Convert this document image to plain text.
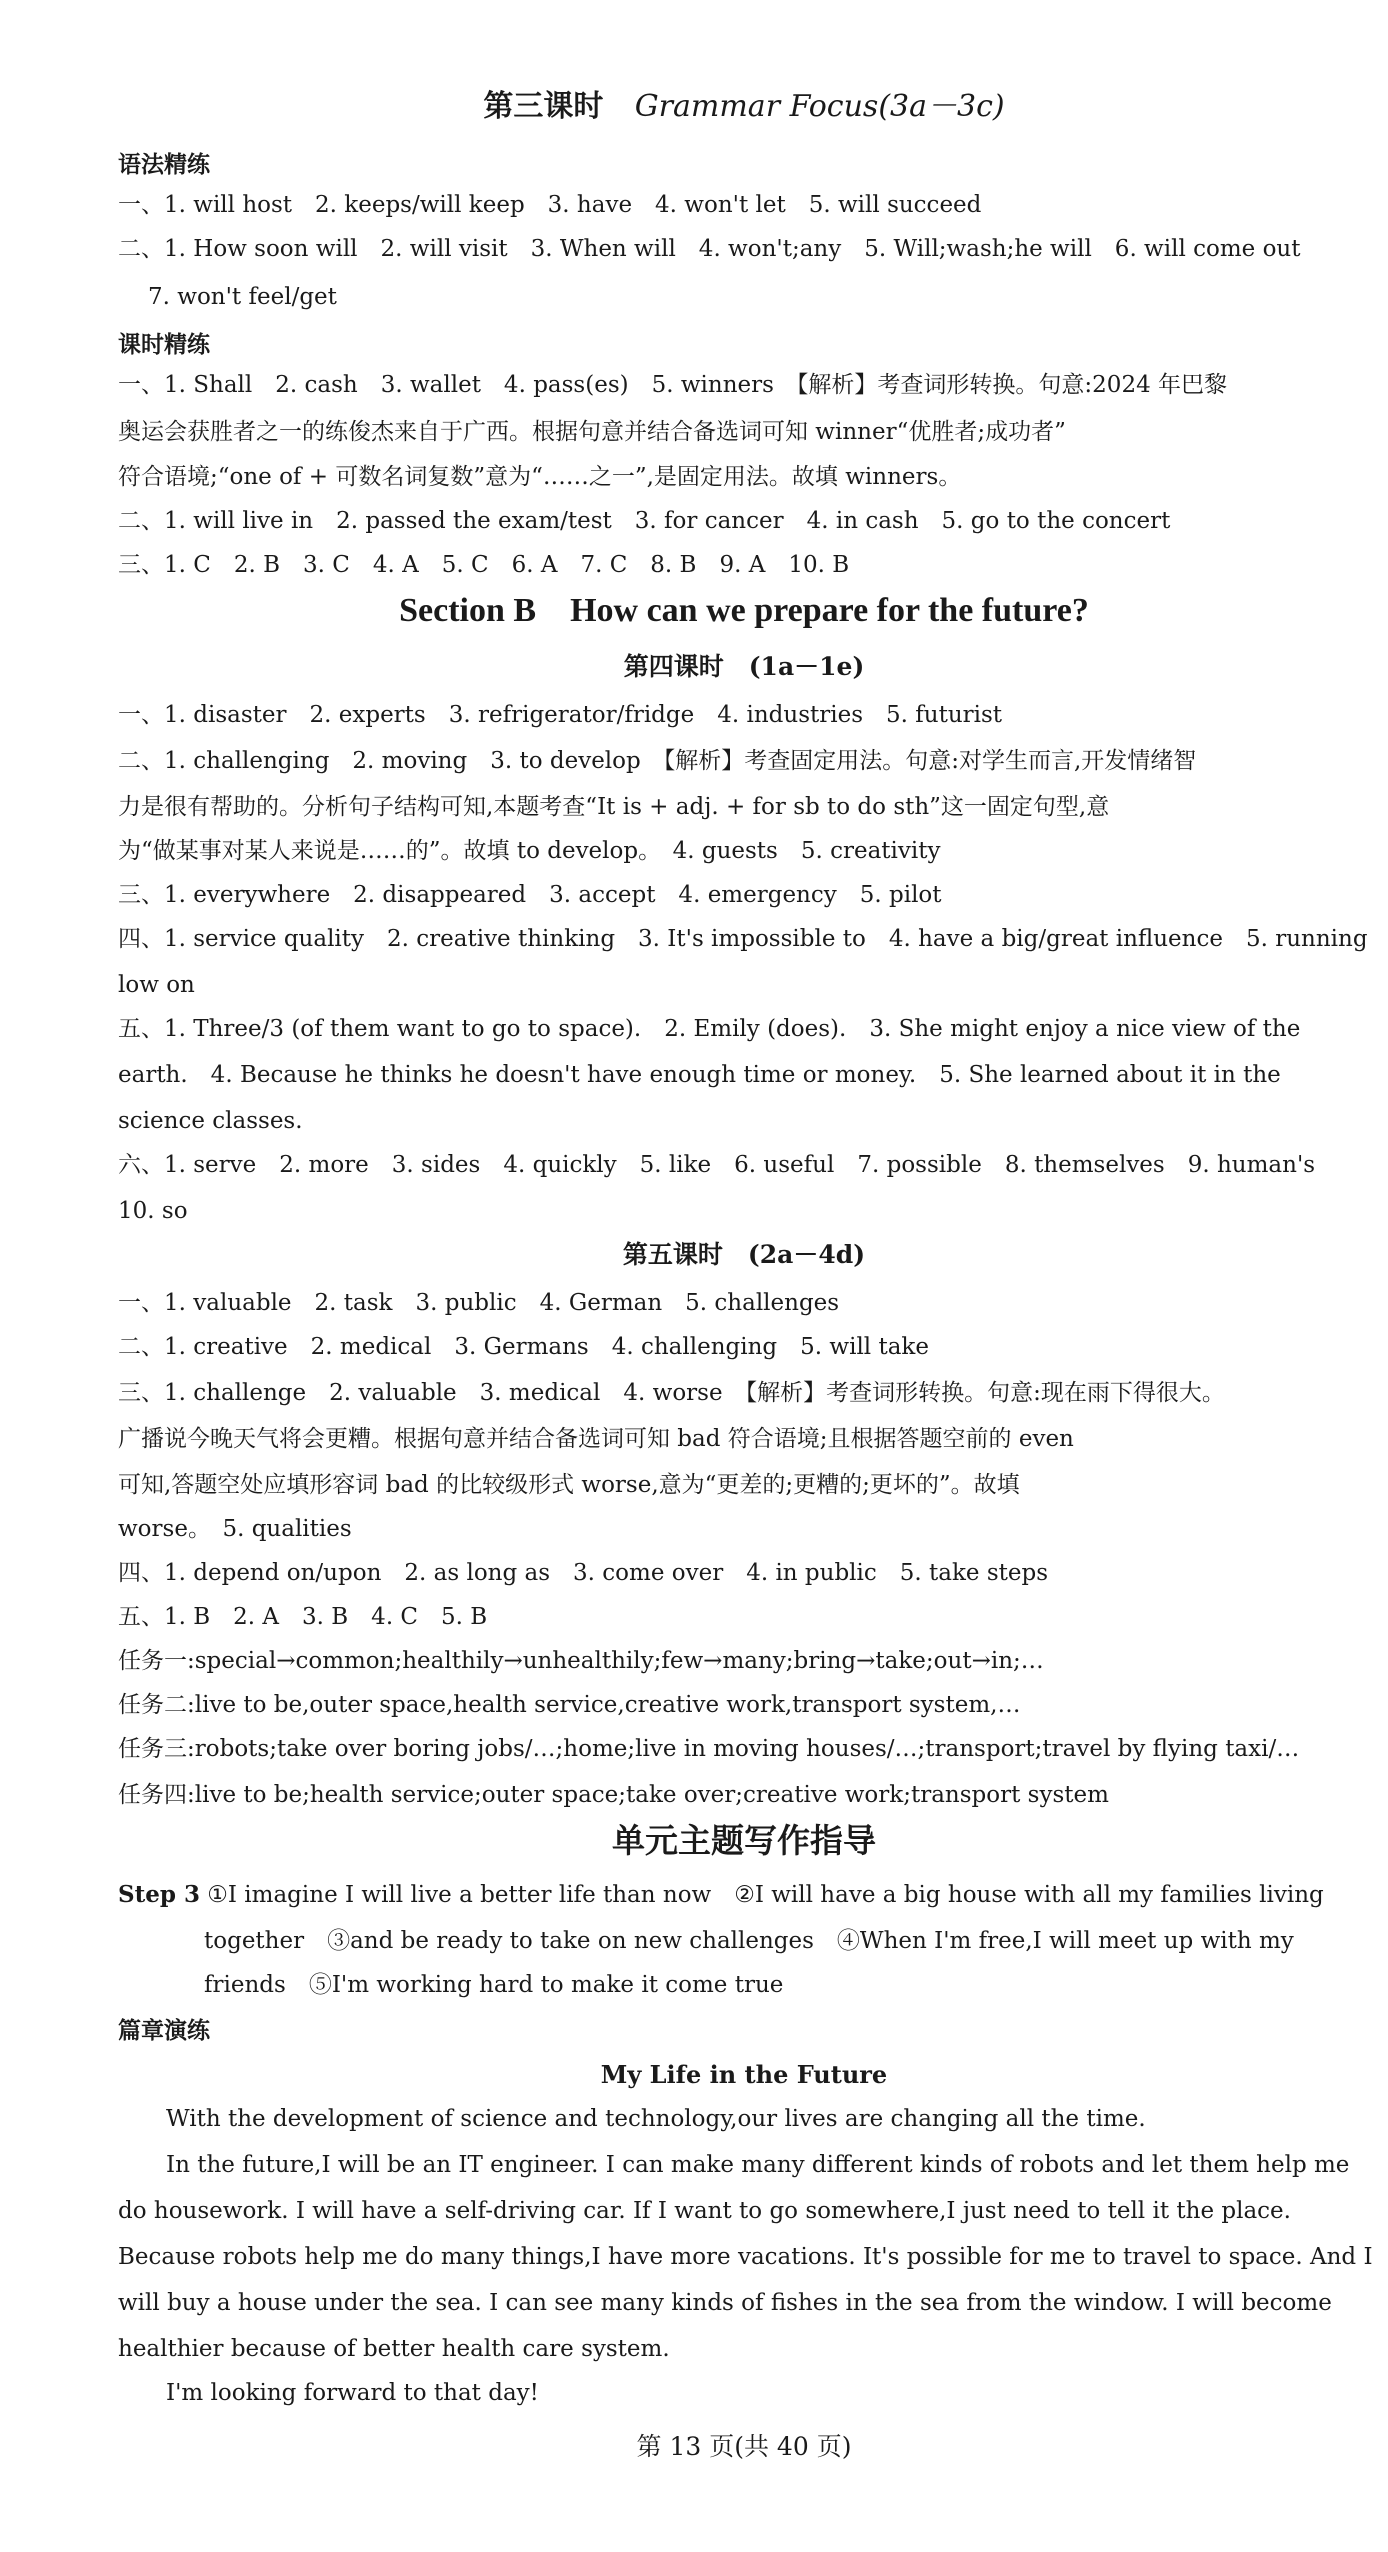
第三课时 Grammar Focus(3a－3c)
语法精练
一、1. will host　2. keeps/will keep　3. have　4. won't let　5. will succeed
二、1. How soon will　2. will visit　3. When will　4. won't;any　5. Will;wash;he will　6. will come out
7. won't feel/get
课时精练
一、1. Shall　2. cash　3. wallet　4. pass(es)　5. winners　【解析】考查词形转换。句意:2024 年巴黎
奥运会获胜者之一的练俊杰来自于广西。根据句意并结合备选词可知 winner“优胜者;成功者”
符合语境;“one of + 可数名词复数”意为“……之一”,是固定用法。故填 winners。
二、1. will live in　2. passed the exam/test　3. for cancer　4. in cash　5. go to the concert
三、1. C　2. B　3. C　4. A　5. C　6. A　7. C　8. B　9. A　10. B
Section B　How can we prepare for the future?
第四课时　(1a－1e)
一、1. disaster　2. experts　3. refrigerator/fridge　4. industries　5. futurist
二、1. challenging　2. moving　3. to develop　【解析】考查固定用法。句意:对学生而言,开发情绪智
力是很有帮助的。分析句子结构可知,本题考查“It is + adj. + for sb to do sth”这一固定句型,意
为“做某事对某人来说是……的”。故填 to develop。　4. guests　5. creativity
三、1. everywhere　2. disappeared　3. accept　4. emergency　5. pilot
四、1. service quality　2. creative thinking　3. It's impossible to　4. have a big/great influence　5. running
low on
五、1. Three/3 (of them want to go to space).　2. Emily (does).　3. She might enjoy a nice view of the
earth.　4. Because he thinks he doesn't have enough time or money.　5. She learned about it in the
science classes.
六、1. serve　2. more　3. sides　4. quickly　5. like　6. useful　7. possible　8. themselves　9. human's
10. so
第五课时　(2a－4d)
一、1. valuable　2. task　3. public　4. German　5. challenges
二、1. creative　2. medical　3. Germans　4. challenging　5. will take
三、1. challenge　2. valuable　3. medical　4. worse　【解析】考查词形转换。句意:现在雨下得很大。
广播说今晚天气将会更糟。根据句意并结合备选词可知 bad 符合语境;且根据答题空前的 even
可知,答题空处应填形容词 bad 的比较级形式 worse,意为“更差的;更糟的;更坏的”。故填
worse。　5. qualities
四、1. depend on/upon　2. as long as　3. come over　4. in public　5. take steps
五、1. B　2. A　3. B　4. C　5. B
任务一:special→common;healthily→unhealthily;few→many;bring→take;out→in;…
任务二:live to be,outer space,health service,creative work,transport system,…
任务三:robots;take over boring jobs/…;home;live in moving houses/…;transport;travel by flying taxi/…
任务四:live to be;health service;outer space;take over;creative work;transport system
单元主题写作指导
Step 3 ①I imagine I will live a better life than now　②I will have a big house with all my families living
together　③and be ready to take on new challenges　④When I'm free,I will meet up with my
friends　⑤I'm working hard to make it come true
篇章演练
My Life in the Future
With the development of science and technology,our lives are changing all the time.
In the future,I will be an IT engineer. I can make many different kinds of robots and let them help me
do housework. I will have a self-driving car. If I want to go somewhere,I just need to tell it the place.
Because robots help me do many things,I have more vacations. It's possible for me to travel to space. And I
will buy a house under the sea. I can see many kinds of fishes in the sea from the window. I will become
healthier because of better health care system.
I'm looking forward to that day!
第 13 页(共 40 页)
